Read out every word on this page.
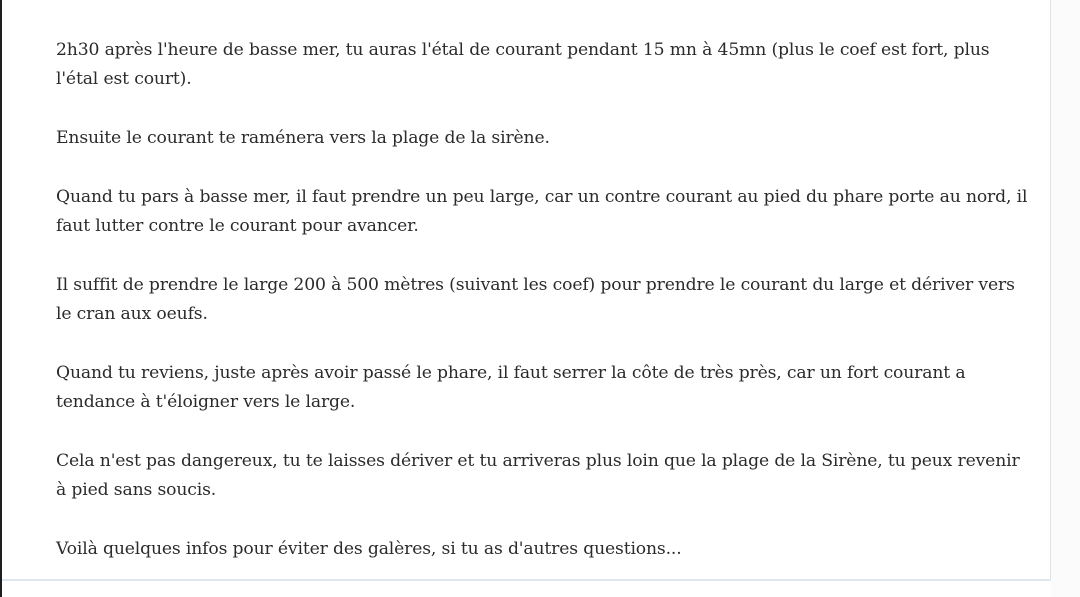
2h30 après l'heure de basse mer, tu auras l'étal de courant pendant 15 mn à 45mn (plus le coef est fort, plus l'étal est court).

Ensuite le courant te raménera vers la plage de la sirène.

Quand tu pars à basse mer, il faut prendre un peu large, car un contre courant au pied du phare porte au nord, il faut lutter contre le courant pour avancer.

Il suffit de prendre le large 200 à 500 mètres (suivant les coef) pour prendre le courant du large et dériver vers le cran aux oeufs.

Quand tu reviens, juste après avoir passé le phare, il faut serrer la côte de très près, car un fort courant a tendance à t'éloigner vers le large.

Cela n'est pas dangereux, tu te laisses dériver et tu arriveras plus loin que la plage de la Sirène, tu peux revenir à pied sans soucis.

Voilà quelques infos pour éviter des galères, si tu as d'autres questions...
